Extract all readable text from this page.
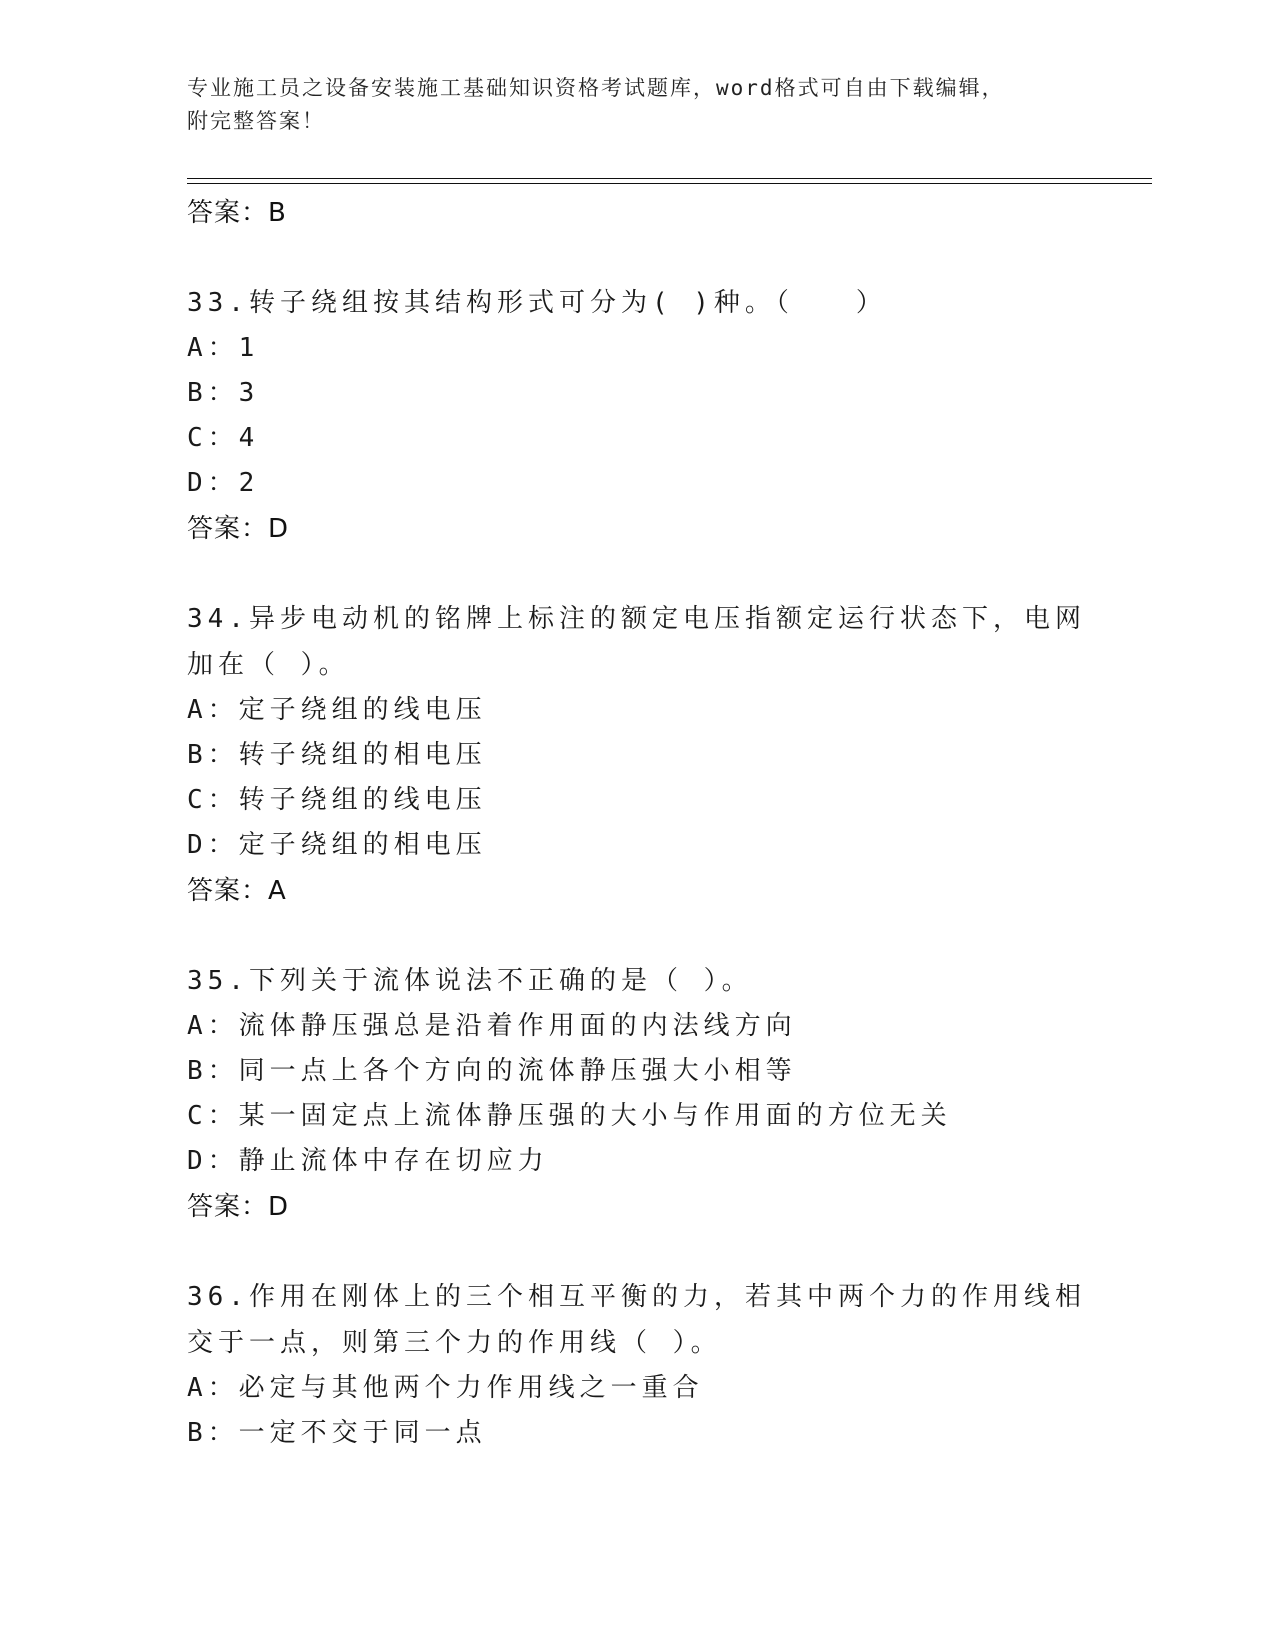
专业施工员之设备安装施工基础知识资格考试题库，word格式可自由下载编辑，
附完整答案！
答案：B
33.转子绕组按其结构形式可分为( )种。（　　）
A：1
B：3
C：4
D：2
答案：D
34.异步电动机的铭牌上标注的额定电压指额定运行状态下，电网加在（ ）。
A：定子绕组的线电压
B：转子绕组的相电压
C：转子绕组的线电压
D：定子绕组的相电压
答案：A
35.下列关于流体说法不正确的是（ ）。
A：流体静压强总是沿着作用面的内法线方向
B：同一点上各个方向的流体静压强大小相等
C：某一固定点上流体静压强的大小与作用面的方位无关
D：静止流体中存在切应力
答案：D
36.作用在刚体上的三个相互平衡的力，若其中两个力的作用线相交于一点，则第三个力的作用线（ ）。
A：必定与其他两个力作用线之一重合
B：一定不交于同一点
